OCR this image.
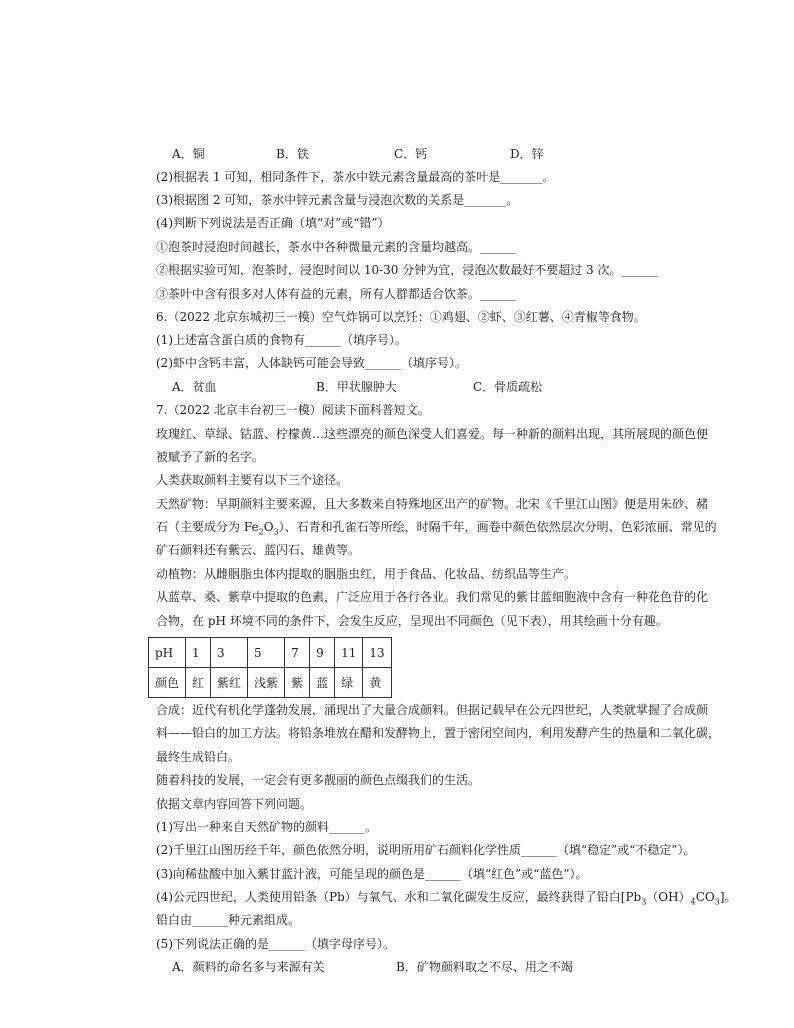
A．铜	B．铁	C．钙	D．锌
(2)根据表 1 可知，相同条件下，茶水中铁元素含量最高的茶叶是_______。
(3)根据图 2 可知，茶水中锌元素含量与浸泡次数的关系是_______。
(4)判断下列说法是否正确（填“对”或“错”）
①泡茶时浸泡时间越长，茶水中各种微量元素的含量均越高。______
②根据实验可知，泡茶时，浸泡时间以 10-30 分钟为宜，浸泡次数最好不要超过 3 次。______
③茶叶中含有很多对人体有益的元素，所有人群都适合饮茶。______
6.（2022 北京东城初三一模）空气炸锅可以烹饪：①鸡翅、②虾、③红薯、④青椒等食物。
(1)上述富含蛋白质的食物有______（填序号）。
(2)虾中含钙丰富，人体缺钙可能会导致______（填序号）。
A．贫血	B．甲状腺肿大	C．骨质疏松
7.（2022 北京丰台初三一模）阅读下面科普短文。
玫瑰红、草绿、钴蓝、柠檬黄…这些漂亮的颜色深受人们喜爱。每一种新的颜料出现，其所展现的颜色便
被赋予了新的名字。
人类获取颜料主要有以下三个途径。
天然矿物：早期颜料主要来源，且大多数来自特殊地区出产的矿物。北宋《千里江山图》便是用朱砂、赭
石（主要成分为 $Fe_2O_3$）、石青和孔雀石等所绘，时隔千年，画卷中颜色依然层次分明、色彩浓丽、常见的
矿石颜料还有紫云、蓝闪石、雄黄等。
动植物：从雌胭脂虫体内提取的胭脂虫红，用于食品、化妆品、纺织品等生产。
从蓝草、桑、紫草中提取的色素，广泛应用于各行各业。我们常见的紫甘蓝细胞液中含有一种花色苷的化
合物，在 pH 环境不同的条件下，会发生反应，呈现出不同颜色（见下表），用其绘画十分有趣。
pH	1	3	5	7	9	11	13
颜色	红	紫红	浅紫	紫	蓝	绿	黄
合成：近代有机化学蓬勃发展，涌现出了大量合成颜料。但据记载早在公元四世纪，人类就掌握了合成颜
料——铅白的加工方法。将铅条堆放在醋和发酵物上，置于密闭空间内，利用发酵产生的热量和二氧化碳，
最终生成铅白。
随着科技的发展，一定会有更多靓丽的颜色点缀我们的生活。
依据文章内容回答下列问题。
(1)写出一种来自天然矿物的颜料______。
(2)千里江山图历经千年，颜色依然分明，说明所用矿石颜料化学性质______（填“稳定”或“不稳定”）。
(3)向稀盐酸中加入紫甘蓝汁液，可能呈现的颜色是______（填“红色”或“蓝色”）。
(4)公元四世纪，人类使用铅条（Pb）与氧气、水和二氧化碳发生反应，最终获得了铅白$[Pb_3(OH)_4CO_3]$。
铅白由______种元素组成。
(5)下列说法正确的是______（填字母序号）。
A．颜料的命名多与来源有关	B．矿物颜料取之不尽、用之不竭
